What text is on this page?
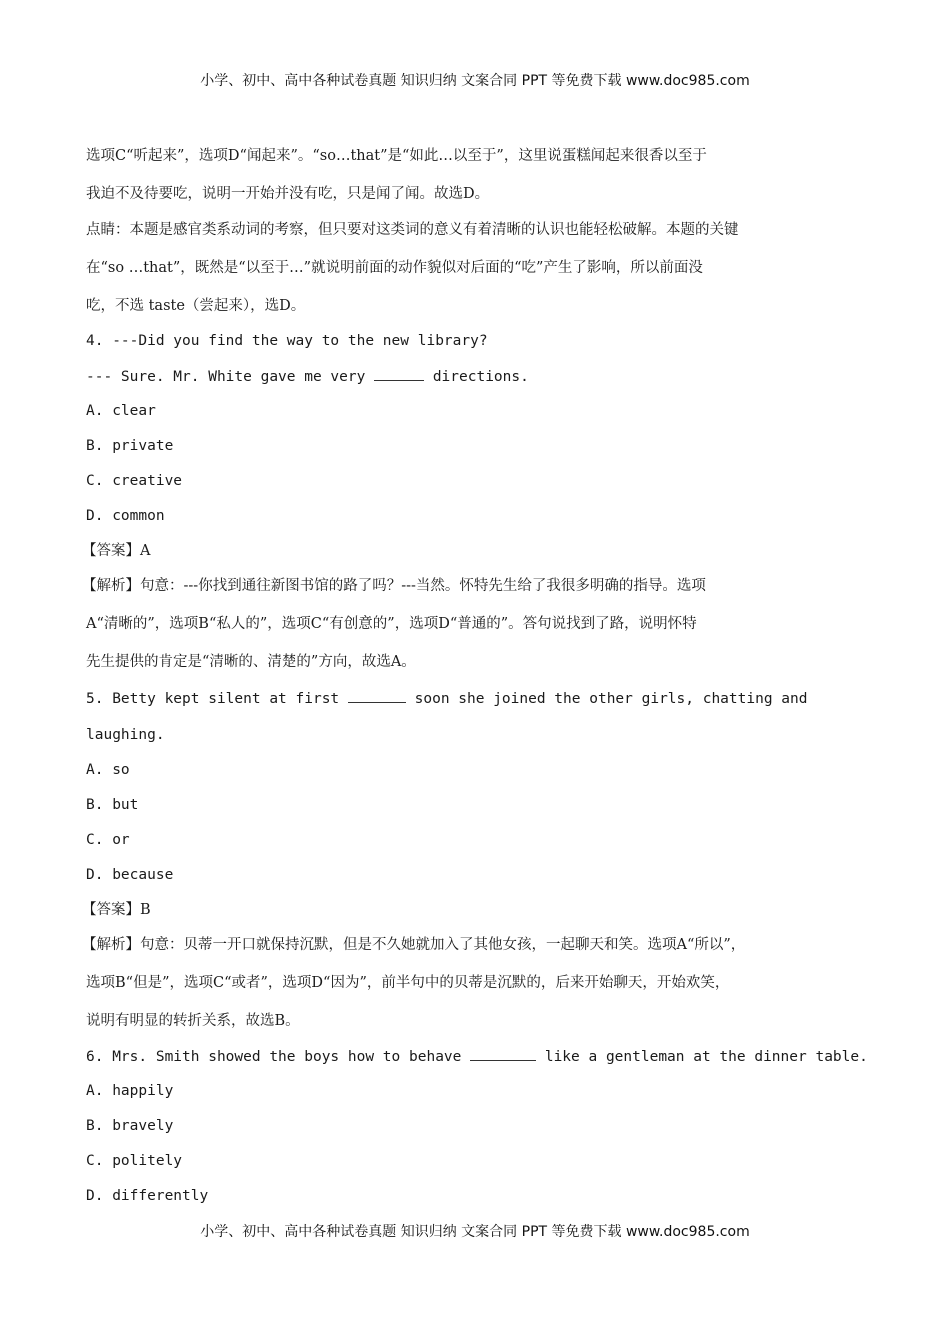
小学、初中、高中各种试卷真题 知识归纳 文案合同 PPT 等免费下载 www.doc985.com
选项C“听起来”，选项D“闻起来”。“so…that”是“如此…以至于”，这里说蛋糕闻起来很香以至于
我迫不及待要吃，说明一开始并没有吃，只是闻了闻。故选D。
点睛：本题是感官类系动词的考察，但只要对这类词的意义有着清晰的认识也能轻松破解。本题的关键
在“so …that”，既然是“以至于…”就说明前面的动作貌似对后面的“吃”产生了影响，所以前面没
吃，不选 taste（尝起来），选D。
4. ---Did you find the way to the new library?
--- Sure. Mr. White gave me very	directions.
A. clear
B. private
C. creative
D. common
【答案】A
【解析】句意：---你找到通往新图书馆的路了吗？---当然。怀特先生给了我很多明确的指导。选项
A“清晰的”，选项B“私人的”，选项C“有创意的”，选项D“普通的”。答句说找到了路，说明怀特
先生提供的肯定是“清晰的、清楚的”方向，故选A。
5. Betty kept silent at first	soon she joined the other girls, chatting and
laughing.
A. so
B. but
C. or
D. because
【答案】B
【解析】句意：贝蒂一开口就保持沉默，但是不久她就加入了其他女孩，一起聊天和笑。选项A“所以”，
选项B“但是”，选项C“或者”，选项D“因为”，前半句中的贝蒂是沉默的，后来开始聊天，开始欢笑，
说明有明显的转折关系，故选B。
6. Mrs. Smith showed the boys how to behave	like a gentleman at the dinner table.
A. happily
B. bravely
C. politely
D. differently
小学、初中、高中各种试卷真题 知识归纳 文案合同 PPT 等免费下载 www.doc985.com
